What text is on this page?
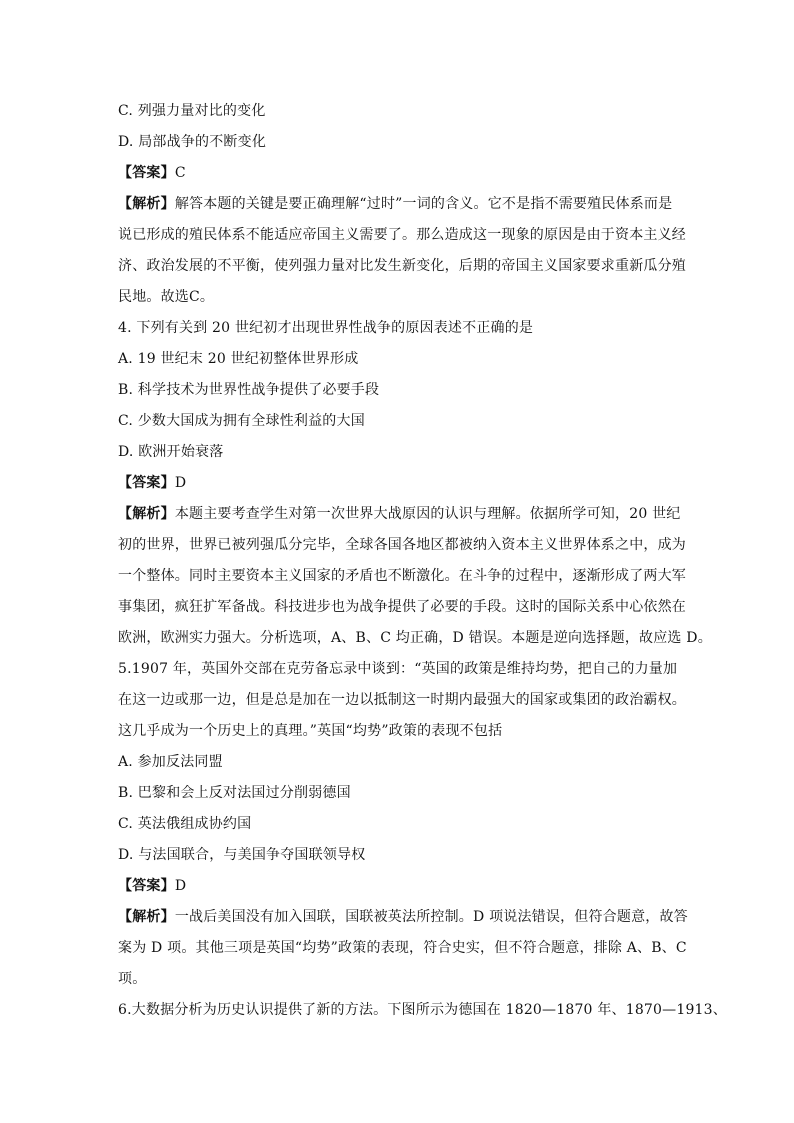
C. 列强力量对比的变化
D. 局部战争的不断变化
【答案】C
【解析】解答本题的关键是要正确理解“过时”一词的含义。它不是指不需要殖民体系而是
说已形成的殖民体系不能适应帝国主义需要了。那么造成这一现象的原因是由于资本主义经
济、政治发展的不平衡，使列强力量对比发生新变化，后期的帝国主义国家要求重新瓜分殖
民地。故选C。
4. 下列有关到 20 世纪初才出现世界性战争的原因表述不正确的是
A. 19 世纪末 20 世纪初整体世界形成
B. 科学技术为世界性战争提供了必要手段
C. 少数大国成为拥有全球性利益的大国
D. 欧洲开始衰落
【答案】D
【解析】本题主要考查学生对第一次世界大战原因的认识与理解。依据所学可知，20 世纪
初的世界，世界已被列强瓜分完毕，全球各国各地区都被纳入资本主义世界体系之中，成为
一个整体。同时主要资本主义国家的矛盾也不断激化。在斗争的过程中，逐渐形成了两大军
事集团，疯狂扩军备战。科技进步也为战争提供了必要的手段。这时的国际关系中心依然在
欧洲，欧洲实力强大。分析选项，A、B、C 均正确，D 错误。本题是逆向选择题，故应选 D。
5.1907 年，英国外交部在克劳备忘录中谈到：“英国的政策是维持均势，把自己的力量加
在这一边或那一边，但是总是加在一边以抵制这一时期内最强大的国家或集团的政治霸权。
这几乎成为一个历史上的真理。”英国“均势”政策的表现不包括
A. 参加反法同盟
B. 巴黎和会上反对法国过分削弱德国
C. 英法俄组成协约国
D. 与法国联合，与美国争夺国联领导权
【答案】D
【解析】一战后美国没有加入国联，国联被英法所控制。D 项说法错误，但符合题意，故答
案为 D 项。其他三项是英国“均势”政策的表现，符合史实，但不符合题意，排除 A、B、C
项。
6.大数据分析为历史认识提供了新的方法。下图所示为德国在 1820—1870 年、1870—1913、
